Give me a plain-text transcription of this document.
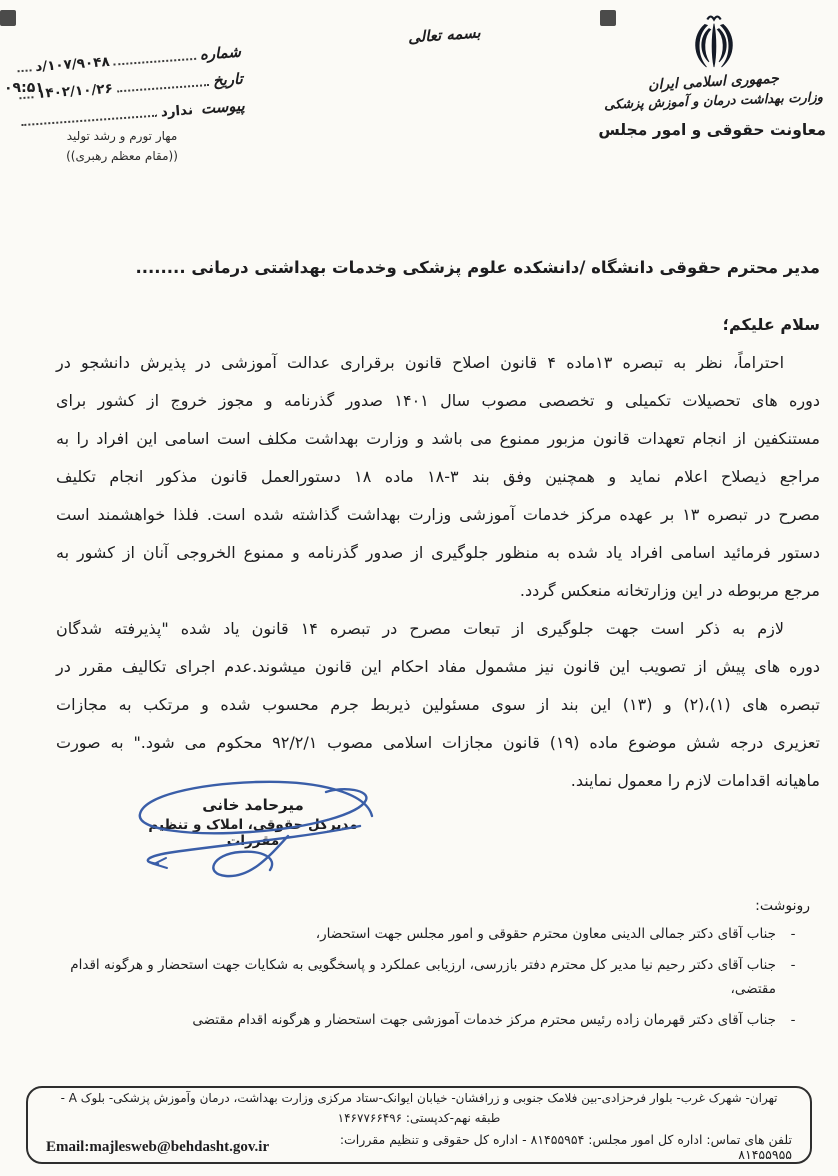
شماره
۱۰۷/۹۰۴۸/د
تاریخ
۱۴۰۲/۱۰/۲۶
پیوست
ندارد
۰۹:۵۱
مهار تورم و رشد تولید
((مقام معظم رهبری))
بسمه تعالی
جمهوری اسلامی ایران
وزارت بهداشت درمان و آموزش پزشکی
معاونت حقوقی و امور مجلس
مدیر محترم حقوقی دانشگاه /دانشکده علوم پزشکی وخدمات بهداشتی درمانی ........
سلام علیکم؛
احتراماً، نظر به تبصره ۱۳ماده ۴ قانون اصلاح قانون برقراری عدالت آموزشی در پذیرش دانشجو در
دوره های تحصیلات تکمیلی و تخصصی مصوب سال ۱۴۰۱ صدور گذرنامه و مجوز خروج از کشور برای
مستنکفین از انجام تعهدات قانون مزبور ممنوع می باشد و وزارت بهداشت مکلف است اسامی این افراد را به
مراجع ذیصلاح اعلام نماید و همچنین وفق بند ۳-۱۸ ماده ۱۸ دستورالعمل قانون مذکور انجام تکلیف
مصرح در تبصره ۱۳ بر عهده مرکز خدمات آموزشی وزارت بهداشت گذاشته شده است. فلذا خواهشمند است
دستور فرمائید اسامی افراد یاد شده به منظور جلوگیری از صدور گذرنامه و ممنوع الخروجی آنان از کشور به
مرجع مربوطه در این وزارتخانه منعکس گردد.
لازم به ذکر است جهت جلوگیری از تبعات مصرح در تبصره ۱۴ قانون یاد شده "پذیرفته شدگان
دوره های پیش از تصویب این قانون نیز مشمول مفاد احکام این قانون میشوند.عدم اجرای تکالیف مقرر در
تبصره های (۱)،(۲) و (۱۳) این بند از سوی مسئولین ذیربط جرم محسوب شده و مرتکب به مجازات
تعزیری درجه شش موضوع ماده (۱۹) قانون مجازات اسلامی مصوب ۹۲/۲/۱ محکوم می شود." به صورت
ماهیانه اقدامات لازم را معمول نمایند.
میرحامد خانی
مدیرکل حقوقی، املاک و تنظیم مقررات
رونوشت:
-
جناب آقای دکتر جمالی الدینی معاون محترم حقوقی و امور مجلس جهت استحضار،
-
جناب آقای دکتر رحیم نیا مدیر کل محترم دفتر بازرسی، ارزیابی عملکرد و پاسخگویی به شکایات جهت استحضار و هرگونه اقدام مقتضی،
-
جناب آقای دکتر قهرمان زاده رئیس محترم مرکز خدمات آموزشی جهت استحضار و هرگونه اقدام مقتضی
تهران- شهرک غرب- بلوار فرحزادی-بین فلامک جنوبی و زرافشان- خیابان ایوانک-ستاد مرکزی وزارت بهداشت، درمان وآموزش پزشکی- بلوک A - طبقه نهم-کدپستی: ۱۴۶۷۷۶۶۴۹۶
تلفن های تماس: اداره کل امور مجلس: ۸۱۴۵۵۹۵۴ - اداره کل حقوقی و تنظیم مقررات: ۸۱۴۵۵۹۵۵
Email:majlesweb@behdasht.gov.ir
